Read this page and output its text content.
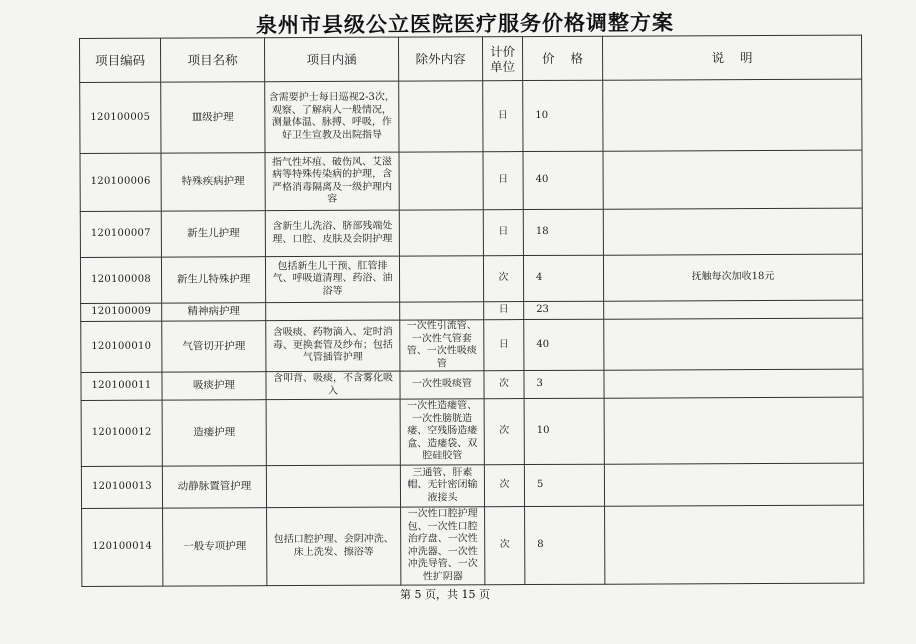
泉州市县级公立医院医疗服务价格调整方案
项目编码	项目名称	项目内涵	除外内容	计价单位	价    格	说    明
120100005	Ⅲ级护理	含需要护士每日巡视2-3次，观察、了解病人一般情况，测量体温、脉搏、呼吸，作好卫生宣教及出院指导		日	10	
120100006	特殊疾病护理	指气性坏疽、破伤风、艾滋病等特殊传染病的护理，含严格消毒隔离及一级护理内容		日	40	
120100007	新生儿护理	含新生儿洗浴、脐部残端处理、口腔、皮肤及会阴护理		日	18	
120100008	新生儿特殊护理	包括新生儿干预、肛管排气、呼吸道清理、药浴、油浴等		次	4	抚触每次加收18元
120100009	精神病护理			日	23	
120100010	气管切开护理	含吸痰、药物滴入、定时消毒、更换套管及纱布；包括气管插管护理	一次性引流管、一次性气管套管、一次性吸痰管	日	40	
120100011	吸痰护理	含叩背、吸痰，不含雾化吸入	一次性吸痰管	次	3	
120100012	造瘘护理		一次性造瘘管、一次性膀胱造瘘、空残肠造瘘盒、造瘘袋、双腔硅胶管	次	10	
120100013	动静脉置管护理		三通管、肝素帽、无针密闭输液接头	次	5	
120100014	一般专项护理	包括口腔护理、会阴冲洗、床上洗发、擦浴等	一次性口腔护理包、一次性口腔治疗盘、一次性冲洗器、一次性冲洗导管、一次性扩阴器	次	8	
第 5 页，共 15 页
